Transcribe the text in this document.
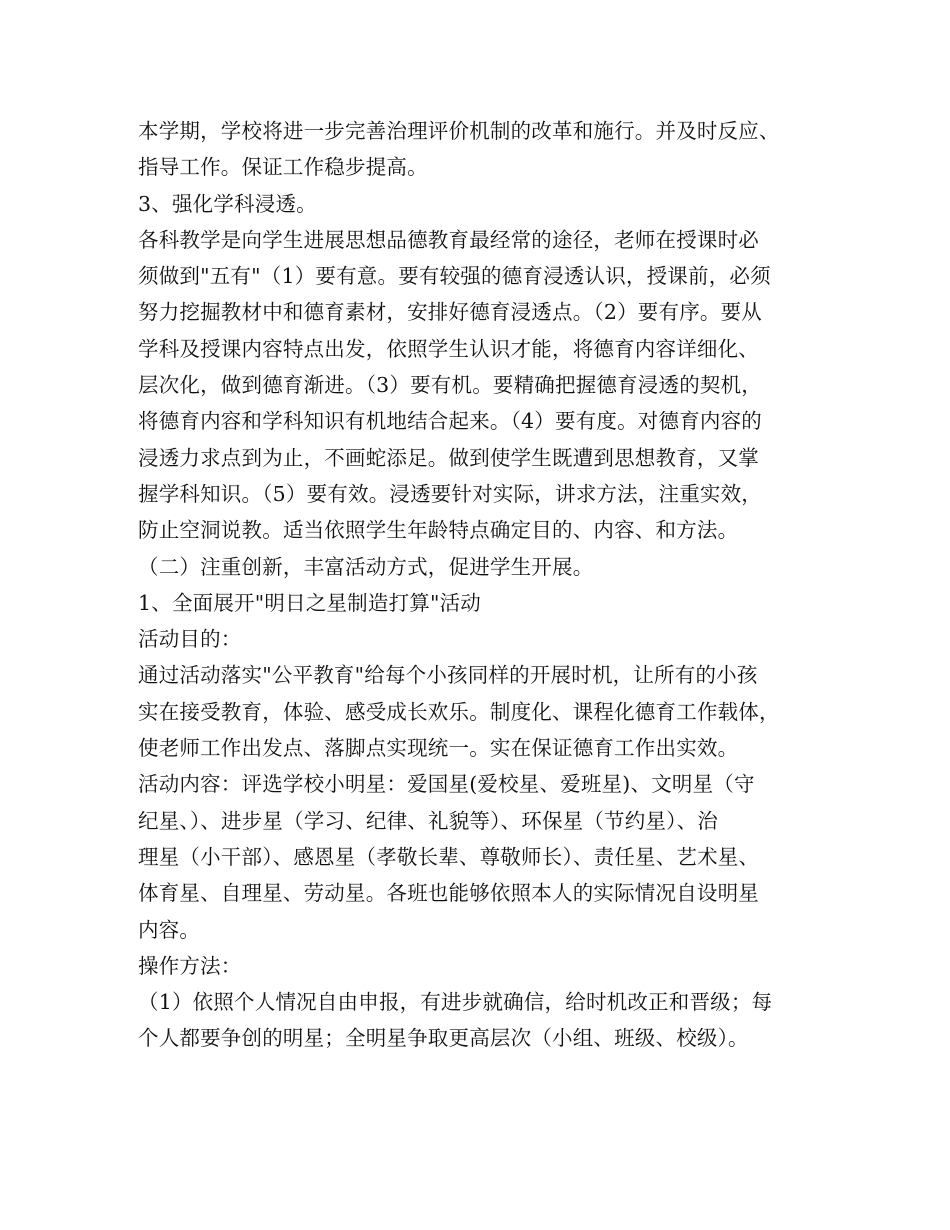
本学期，学校将进一步完善治理评价机制的改革和施行。并及时反应、
指导工作。保证工作稳步提高。
3、强化学科浸透。
各科教学是向学生进展思想品德教育最经常的途径，老师在授课时必
须做到"五有"（1）要有意。要有较强的德育浸透认识，授课前，必须
努力挖掘教材中和德育素材，安排好德育浸透点。（2）要有序。要从
学科及授课内容特点出发，依照学生认识才能，将德育内容详细化、
层次化，做到德育渐进。（3）要有机。要精确把握德育浸透的契机，
将德育内容和学科知识有机地结合起来。（4）要有度。对德育内容的
浸透力求点到为止，不画蛇添足。做到使学生既遭到思想教育，又掌
握学科知识。（5）要有效。浸透要针对实际，讲求方法，注重实效，
防止空洞说教。适当依照学生年龄特点确定目的、内容、和方法。
（二）注重创新，丰富活动方式，促进学生开展。
1、全面展开"明日之星制造打算"活动
活动目的：
通过活动落实"公平教育"给每个小孩同样的开展时机，让所有的小孩
实在接受教育，体验、感受成长欢乐。制度化、课程化德育工作载体，
使老师工作出发点、落脚点实现统一。实在保证德育工作出实效。
活动内容：评选学校小明星：爱国星(爱校星、爱班星)、文明星（守
纪星、）、进步星（学习、纪律、礼貌等）、环保星（节约星）、治
理星（小干部）、感恩星（孝敬长辈、尊敬师长）、责任星、艺术星、
体育星、自理星、劳动星。各班也能够依照本人的实际情况自设明星
内容。
操作方法：
（1）依照个人情况自由申报，有进步就确信，给时机改正和晋级；每
个人都要争创的明星；全明星争取更高层次（小组、班级、校级）。
